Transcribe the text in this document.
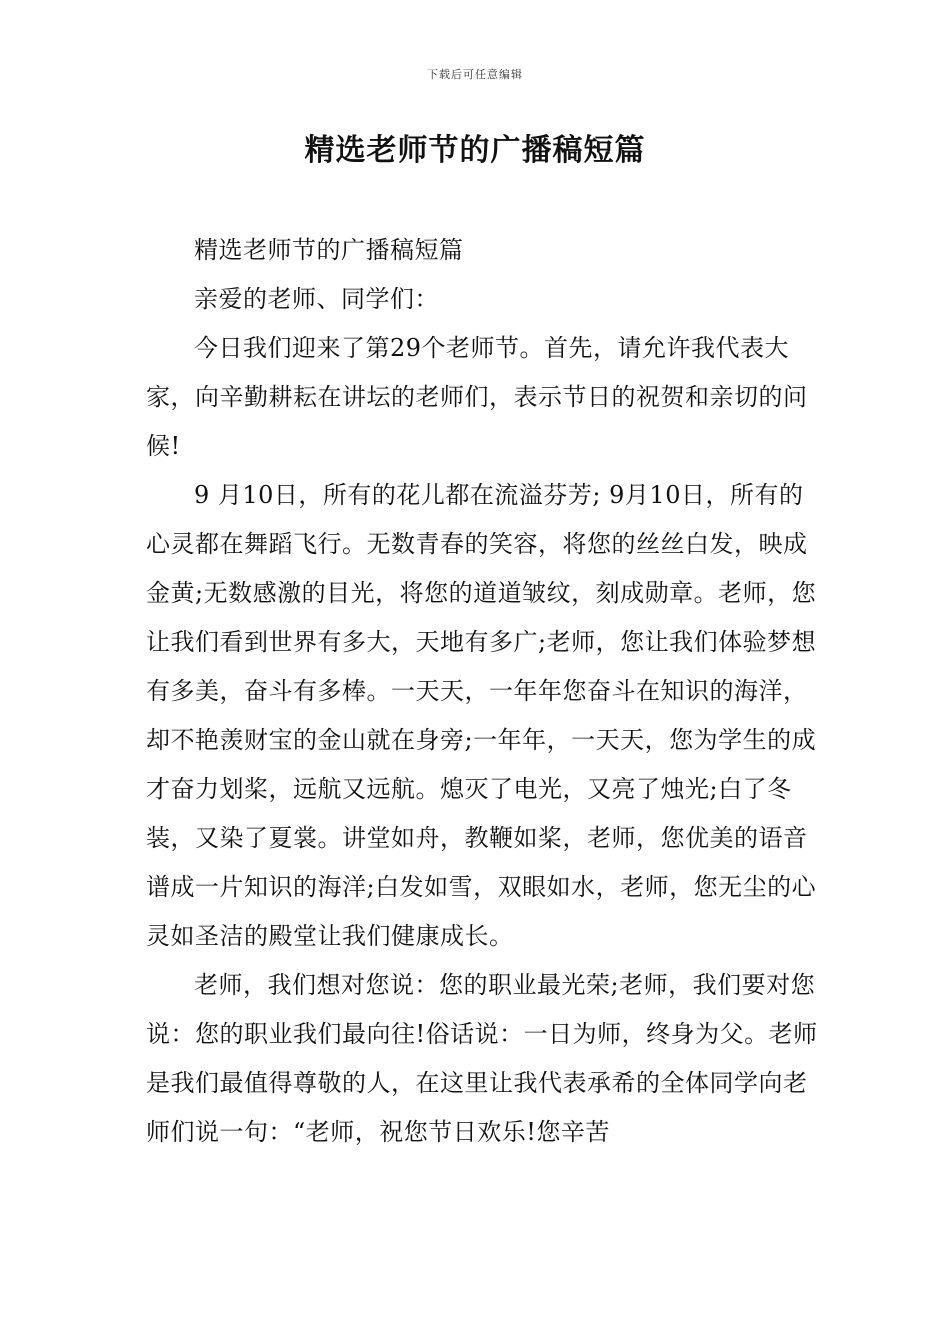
下载后可任意编辑
精选老师节的广播稿短篇

精选老师节的广播稿短篇

亲爱的老师、同学们：

今日我们迎来了第29个老师节。首先，请允许我代表大家，向辛勤耕耘在讲坛的老师们，表示节日的祝贺和亲切的问候!

9 月10日，所有的花儿都在流溢芬芳; 9月10日，所有的心灵都在舞蹈飞行。无数青春的笑容，将您的丝丝白发，映成金黄;无数感激的目光，将您的道道皱纹，刻成勋章。老师，您让我们看到世界有多大，天地有多广;老师，您让我们体验梦想有多美，奋斗有多棒。一天天，一年年您奋斗在知识的海洋，却不艳羡财宝的金山就在身旁;一年年，一天天，您为学生的成才奋力划桨，远航又远航。熄灭了电光，又亮了烛光;白了冬装，又染了夏裳。讲堂如舟，教鞭如桨，老师，您优美的语音谱成一片知识的海洋;白发如雪，双眼如水，老师，您无尘的心灵如圣洁的殿堂让我们健康成长。

老师，我们想对您说：您的职业最光荣;老师，我们要对您说：您的职业我们最向往!俗话说：一日为师，终身为父。老师是我们最值得尊敬的人，在这里让我代表承希的全体同学向老师们说一句：“老师，祝您节日欢乐!您辛苦
